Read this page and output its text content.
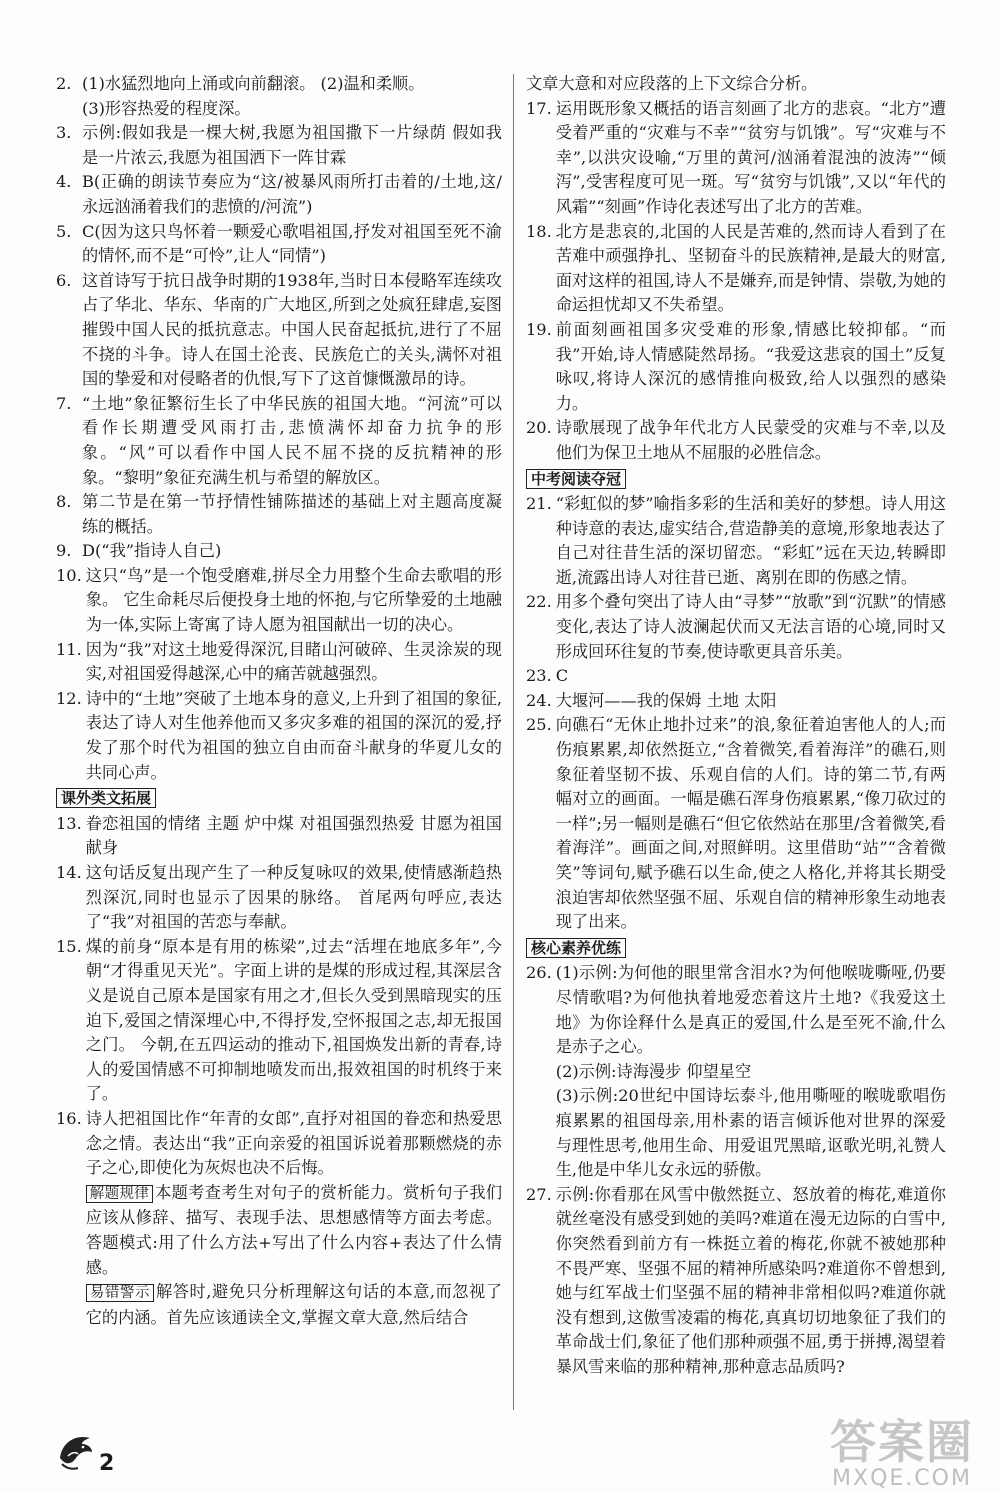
2. (1)水猛烈地向上涌或向前翻滚。 (2)温和柔顺。

(3)形容热爱的程度深。

3. 示例:假如我是一棵大树,我愿为祖国撒下一片绿荫 假如我是一片浓云,我愿为祖国洒下一阵甘霖

4. B(正确的朗读节奏应为“这/被暴风雨所打击着的/土地,这/永远汹涌着我们的悲愤的/河流”)

5. C(因为这只鸟怀着一颗爱心歌唱祖国,抒发对祖国至死不渝的情怀,而不是“可怜”,让人“同情”)

6. 这首诗写于抗日战争时期的1938年,当时日本侵略军连续攻占了华北、华东、华南的广大地区,所到之处疯狂肆虐,妄图摧毁中国人民的抵抗意志。中国人民奋起抵抗,进行了不屈不挠的斗争。诗人在国土沦丧、民族危亡的关头,满怀对祖国的挚爱和对侵略者的仇恨,写下了这首慷慨激昂的诗。

7. “土地”象征繁衍生长了中华民族的祖国大地。“河流”可以看作长期遭受风雨打击,悲愤满怀却奋力抗争的形象。“风”可以看作中国人民不屈不挠的反抗精神的形象。“黎明”象征充满生机与希望的解放区。

8. 第二节是在第一节抒情性铺陈描述的基础上对主题高度凝练的概括。

9. D(“我”指诗人自己)

10. 这只“鸟”是一个饱受磨难,拼尽全力用整个生命去歌唱的形象。 它生命耗尽后便投身土地的怀抱,与它所挚爱的土地融为一体,实际上寄寓了诗人愿为祖国献出一切的决心。

11. 因为“我”对这土地爱得深沉,目睹山河破碎、生灵涂炭的现实,对祖国爱得越深,心中的痛苦就越强烈。

12. 诗中的“土地”突破了土地本身的意义,上升到了祖国的象征,表达了诗人对生他养他而又多灾多难的祖国的深沉的爱,抒发了那个时代为祖国的独立自由而奋斗献身的华夏儿女的共同心声。

课外类文拓展
13. 眷恋祖国的情绪 主题 炉中煤 对祖国强烈热爱 甘愿为祖国献身

14. 这句话反复出现产生了一种反复咏叹的效果,使情感渐趋热烈深沉,同时也显示了因果的脉络。 首尾两句呼应,表达了“我”对祖国的苦恋与奉献。

15. 煤的前身“原本是有用的栋梁”,过去“活埋在地底多年”,今朝“才得重见天光”。字面上讲的是煤的形成过程,其深层含义是说自己原本是国家有用之才,但长久受到黑暗现实的压迫下,爱国之情深埋心中,不得抒发,空怀报国之志,却无报国之门。 今朝,在五四运动的推动下,祖国焕发出新的青春,诗人的爱国情感不可抑制地喷发而出,报效祖国的时机终于来了。

16. 诗人把祖国比作“年青的女郎”,直抒对祖国的眷恋和热爱思念之情。表达出“我”正向亲爱的祖国诉说着那颗燃烧的赤子之心,即使化为灰烬也决不后悔。

解题规律 本题考查考生对句子的赏析能力。赏析句子我们应该从修辞、描写、表现手法、思想感情等方面去考虑。答题模式:用了什么方法+写出了什么内容+表达了什么情感。

易错警示 解答时,避免只分析理解这句话的本意,而忽视了它的内涵。首先应该通读全文,掌握文章大意,然后结合

文章大意和对应段落的上下文综合分析。

17. 运用既形象又概括的语言刻画了北方的悲哀。“北方”遭受着严重的“灾难与不幸”“贫穷与饥饿”。写“灾难与不幸”,以洪灾设喻,“万里的黄河/汹涌着混浊的波涛”“倾泻”,受害程度可见一斑。写“贫穷与饥饿”,又以“年代的风霜”“刻画”作诗化表述写出了北方的苦难。

18. 北方是悲哀的,北国的人民是苦难的,然而诗人看到了在苦难中顽强挣扎、坚韧奋斗的民族精神,是最大的财富,面对这样的祖国,诗人不是嫌弃,而是钟情、崇敬,为她的命运担忧却又不失希望。

19. 前面刻画祖国多灾受难的形象,情感比较抑郁。“而我”开始,诗人情感陡然昂扬。“我爱这悲哀的国土”反复咏叹,将诗人深沉的感情推向极致,给人以强烈的感染力。

20. 诗歌展现了战争年代北方人民蒙受的灾难与不幸,以及他们为保卫土地从不屈服的必胜信念。

中考阅读夺冠
21. “彩虹似的梦”喻指多彩的生活和美好的梦想。诗人用这种诗意的表达,虚实结合,营造静美的意境,形象地表达了自己对往昔生活的深切留恋。“彩虹”远在天边,转瞬即逝,流露出诗人对往昔已逝、离别在即的伤感之情。

22. 用多个叠句突出了诗人由“寻梦”“放歌”到“沉默”的情感变化,表达了诗人波澜起伏而又无法言语的心境,同时又形成回环往复的节奏,使诗歌更具音乐美。

23. C

24. 大堰河——我的保姆 土地 太阳

25. 向礁石“无休止地扑过来”的浪,象征着迫害他人的人;而伤痕累累,却依然挺立,“含着微笑,看着海洋”的礁石,则象征着坚韧不拔、乐观自信的人们。诗的第二节,有两幅对立的画面。一幅是礁石浑身伤痕累累,“像刀砍过的一样”;另一幅则是礁石“但它依然站在那里/含着微笑,看着海洋”。画面之间,对照鲜明。这里借助“站”“含着微笑”等词句,赋予礁石以生命,使之人格化,并将其长期受浪迫害却依然坚强不屈、乐观自信的精神形象生动地表现了出来。

核心素养优练
26. (1)示例:为何他的眼里常含泪水?为何他喉咙嘶哑,仍要尽情歌唱?为何他执着地爱恋着这片土地?《我爱这土地》为你诠释什么是真正的爱国,什么是至死不渝,什么是赤子之心。

(2)示例:诗海漫步 仰望星空

(3)示例:20世纪中国诗坛泰斗,他用嘶哑的喉咙歌唱伤痕累累的祖国母亲,用朴素的语言倾诉他对世界的深爱与理性思考,他用生命、用爱诅咒黑暗,讴歌光明,礼赞人生,他是中华儿女永远的骄傲。

27. 示例:你看那在风雪中傲然挺立、怒放着的梅花,难道你就丝毫没有感受到她的美吗?难道在漫无边际的白雪中,你突然看到前方有一株挺立着的梅花,你就不被她那种不畏严寒、坚强不屈的精神所感染吗?难道你不曾想到,她与红军战士们坚强不屈的精神非常相似吗?难道你就没有想到,这傲雪凌霜的梅花,真真切切地象征了我们的革命战士们,象征了他们那种顽强不屈,勇于拼搏,渴望着暴风雪来临的那种精神,那种意志品质吗?

2	答案圈
MXQE.COM
